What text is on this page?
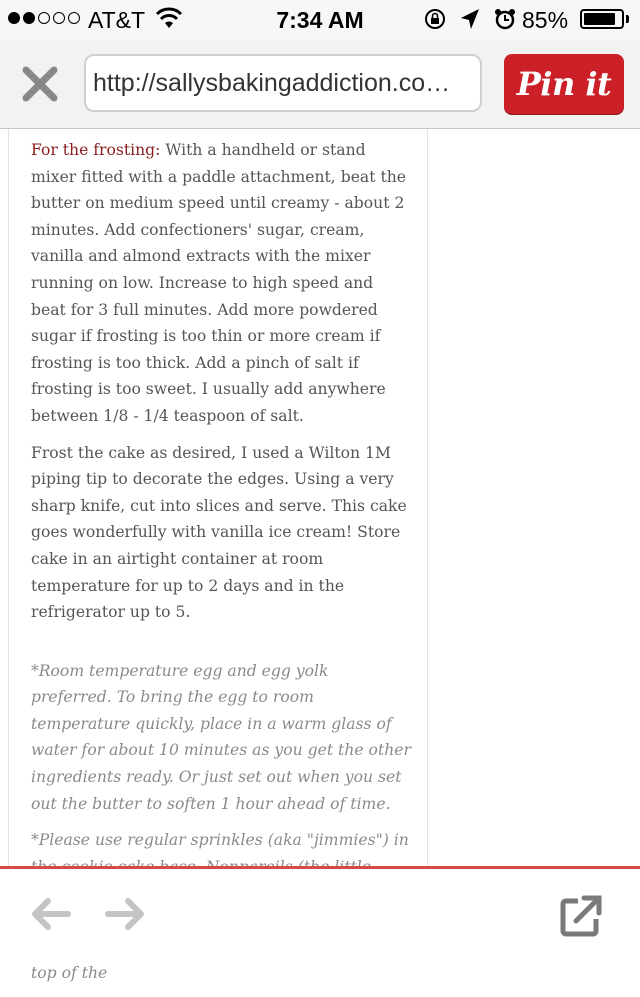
AT&T	7:34 AM	85%
http://sallysbakingaddiction.co…	Pin it

For the frosting: With a handheld or stand mixer fitted with a paddle attachment, beat the butter on medium speed until creamy - about 2 minutes. Add confectioners' sugar, cream, vanilla and almond extracts with the mixer running on low. Increase to high speed and beat for 3 full minutes. Add more powdered sugar if frosting is too thin or more cream if frosting is too thick. Add a pinch of salt if frosting is too sweet. I usually add anywhere between 1/8 - 1/4 teaspoon of salt.

Frost the cake as desired, I used a Wilton 1M piping tip to decorate the edges. Using a very sharp knife, cut into slices and serve. This cake goes wonderfully with vanilla ice cream! Store cake in an airtight container at room temperature for up to 2 days and in the refrigerator up to 5.

*Room temperature egg and egg yolk preferred. To bring the egg to room temperature quickly, place in a warm glass of water for about 10 minutes as you get the other ingredients ready. Or just set out when you set out the butter to soften 1 hour ahead of time.

*Please use regular sprinkles (aka "jimmies") in top of the
